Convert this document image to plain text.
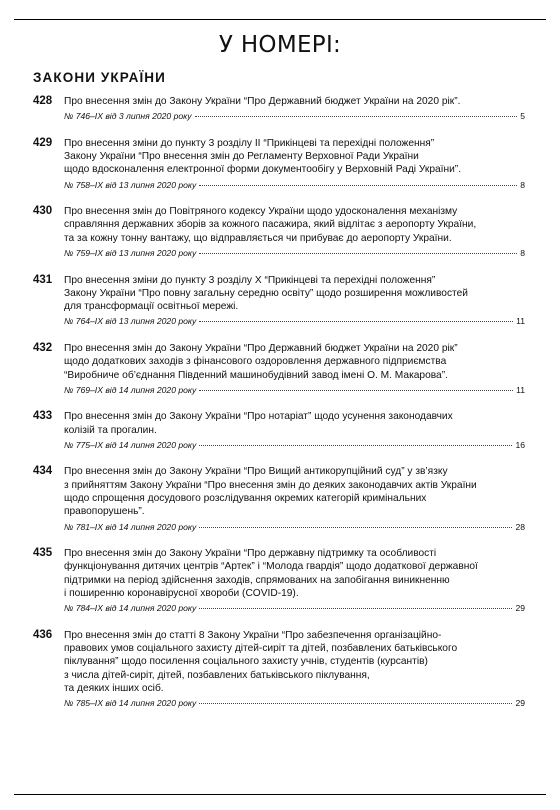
У НОМЕРІ:
ЗАКОНИ УКРАЇНИ
428 Про внесення змін до Закону України “Про Державний бюджет України на 2020 рік”.
№ 746–IX від 3 липня 2020 року	5
429 Про внесення зміни до пункту 3 розділу II “Прикінцеві та перехідні положення”
Закону України “Про внесення змін до Регламенту Верховної Ради України
щодо вдосконалення електронної форми документообігу у Верховній Раді України”.
№ 758–IX від 13 липня 2020 року	8
430 Про внесення змін до Повітряного кодексу України щодо удосконалення механізму
справляння державних зборів за кожного пасажира, який відлітає з аеропорту України,
та за кожну тонну вантажу, що відправляється чи прибуває до аеропорту України.
№ 759–IX від 13 липня 2020 року	8
431 Про внесення зміни до пункту 3 розділу X “Прикінцеві та перехідні положення”
Закону України “Про повну загальну середню освіту” щодо розширення можливостей
для трансформації освітньої мережі.
№ 764–IX від 13 липня 2020 року	11
432 Про внесення змін до Закону України “Про Державний бюджет України на 2020 рік”
щодо додаткових заходів з фінансового оздоровлення державного підприємства
“Виробниче об’єднання Південний машинобудівний завод імені О. М. Макарова”.
№ 769–IX від 14 липня 2020 року	11
433 Про внесення змін до Закону України “Про нотаріат” щодо усунення законодавчих
колізій та прогалин.
№ 775–IX від 14 липня 2020 року	16
434 Про внесення змін до Закону України “Про Вищий антикорупційний суд” у зв’язку
з прийняттям Закону України “Про внесення змін до деяких законодавчих актів України
щодо спрощення досудового розслідування окремих категорій кримінальних
правопорушень”.
№ 781–IX від 14 липня 2020 року	28
435 Про внесення змін до Закону України “Про державну підтримку та особливості
функціонування дитячих центрів “Артек” і “Молода гвардія” щодо додаткової державної
підтримки на період здійснення заходів, спрямованих на запобігання виникненню
і поширенню коронавірусної хвороби (COVID-19).
№ 784–IX від 14 липня 2020 року	29
436 Про внесення змін до статті 8 Закону України “Про забезпечення організаційно-
правових умов соціального захисту дітей-сиріт та дітей, позбавлених батьківського
піклування” щодо посилення соціального захисту учнів, студентів (курсантів)
з числа дітей-сиріт, дітей, позбавлених батьківського піклування,
та деяких інших осіб.
№ 785–IX від 14 липня 2020 року	29
